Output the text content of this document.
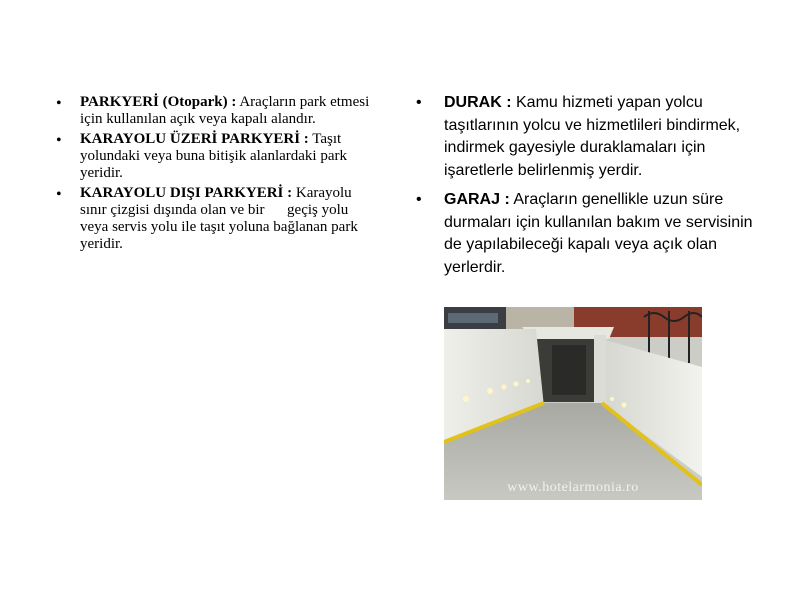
• PARKYERİ (Otopark) : Araçların park etmesi için kullanılan açık veya kapalı alandır.
• KARAYOLU ÜZERİ PARKYERİ : Taşıt yolundaki veya buna bitişik alanlardaki park yeridir.
• KARAYOLU DIŞI PARKYERİ : Karayolu sınır çizgisi dışında olan ve bir      geçiş yolu veya servis yolu ile taşıt yoluna bağlanan park yeridir.
• DURAK : Kamu hizmeti yapan yolcu taşıtlarının yolcu ve hizmetlileri bindirmek, indirmek gayesiyle duraklamaları için işaretlerle belirlenmiş yerdir.
• GARAJ : Araçların genellikle uzun süre durmaları için kullanılan bakım ve servisinin de yapılabileceği kapalı veya açık olan yerlerdir.
www.hotelarmonia.ro
